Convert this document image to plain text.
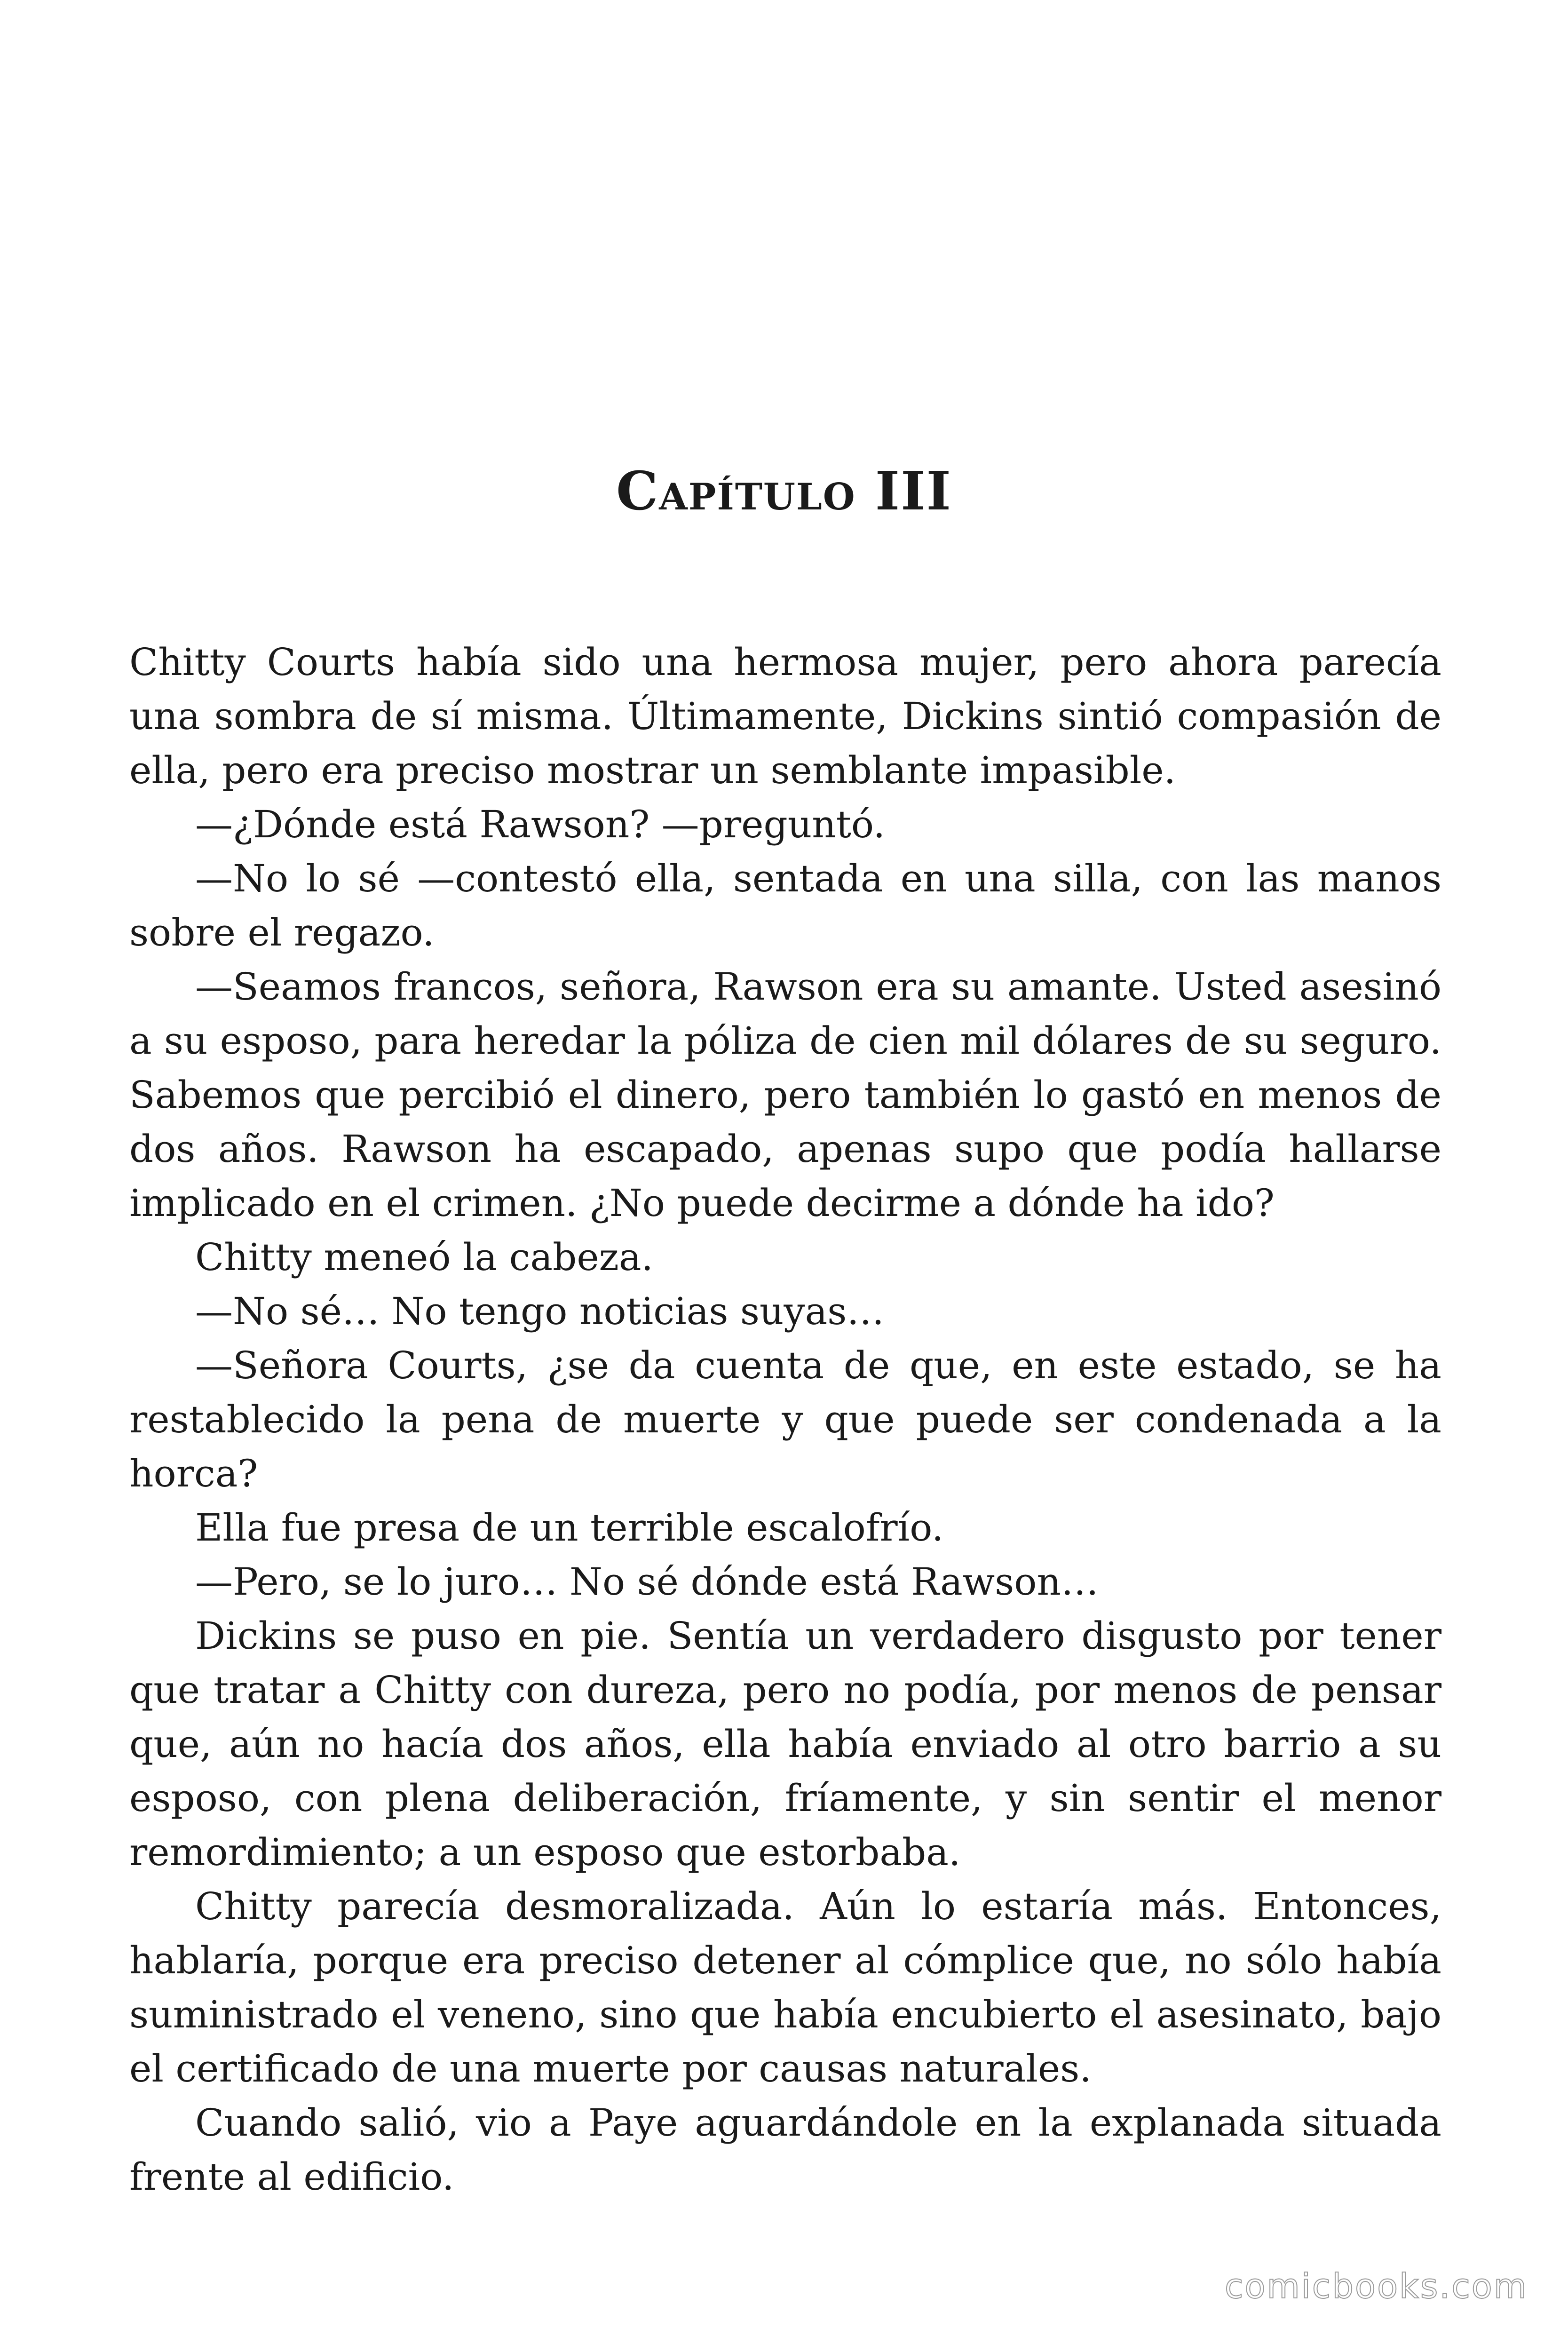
Capítulo III

Chitty Courts había sido una hermosa mujer, pero ahora parecía una sombra de sí misma. Últimamente, Dickins sintió compasión de ella, pero era preciso mostrar un semblante impasible.

—¿Dónde está Rawson? —preguntó.

—No lo sé —contestó ella, sentada en una silla, con las manos sobre el regazo.

—Seamos francos, señora, Rawson era su amante. Usted asesinó a su esposo, para heredar la póliza de cien mil dólares de su seguro. Sabemos que percibió el dinero, pero también lo gastó en menos de dos años. Rawson ha escapado, apenas supo que podía hallarse implicado en el crimen. ¿No puede decirme a dónde ha ido?

Chitty meneó la cabeza.

—No sé… No tengo noticias suyas…

—Señora Courts, ¿se da cuenta de que, en este estado, se ha restablecido la pena de muerte y que puede ser condenada a la horca?

Ella fue presa de un terrible escalofrío.

—Pero, se lo juro… No sé dónde está Rawson…

Dickins se puso en pie. Sentía un verdadero disgusto por tener que tratar a Chitty con dureza, pero no podía, por menos de pensar que, aún no hacía dos años, ella había enviado al otro barrio a su esposo, con plena deliberación, fríamente, y sin sentir el menor remordimiento; a un esposo que estorbaba.

Chitty parecía desmoralizada. Aún lo estaría más. Entonces, hablaría, porque era preciso detener al cómplice que, no sólo había suministrado el veneno, sino que había encubierto el asesinato, bajo el certificado de una muerte por causas naturales.

Cuando salió, vio a Paye aguardándole en la explanada situada frente al edificio.

comicbooks.com
